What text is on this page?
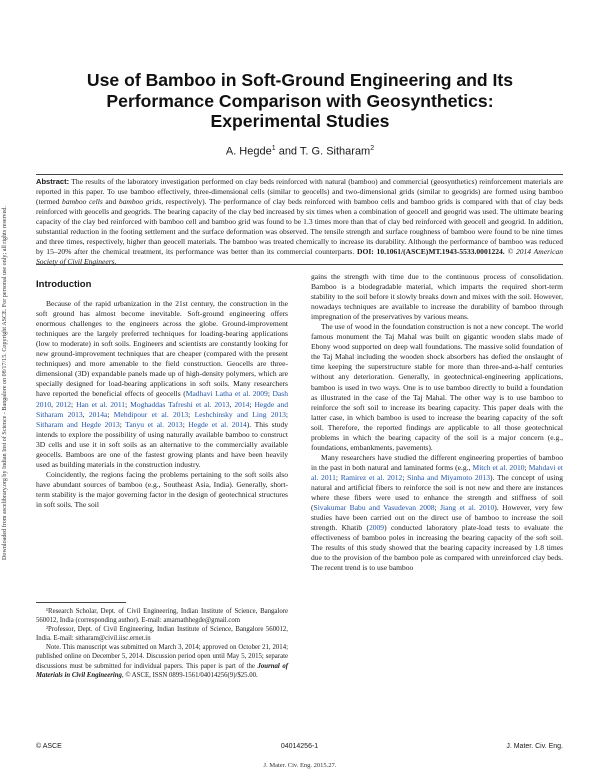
Downloaded from ascelibrary.org by Indian Inst of Science - Bangalore on 08/17/15. Copyright ASCE. For personal use only; all rights reserved.
Use of Bamboo in Soft-Ground Engineering and Its Performance Comparison with Geosynthetics: Experimental Studies
A. Hegde$^1$ and T. G. Sitharam$^2$
Abstract: The results of the laboratory investigation performed on clay beds reinforced with natural (bamboo) and commercial (geosynthetics) reinforcement materials are reported in this paper. To use bamboo effectively, three-dimensional cells (similar to geocells) and two-dimensional grids (similar to geogrids) are formed using bamboo (termed bamboo cells and bamboo grids, respectively). The performance of clay beds reinforced with bamboo cells and bamboo grids is compared with that of clay beds reinforced with geocells and geogrids. The bearing capacity of the clay bed increased by six times when a combination of geocell and geogrid was used. The ultimate bearing capacity of the clay bed reinforced with bamboo cell and bamboo grid was found to be 1.3 times more than that of clay bed reinforced with geocell and geogrid. In addition, substantial reduction in the footing settlement and the surface deformation was observed. The tensile strength and surface roughness of bamboo were found to be nine times and three times, respectively, higher than geocell materials. The bamboo was treated chemically to increase its durability. Although the performance of bamboo was reduced by 15–20% after the chemical treatment, its performance was better than its commercial counterparts. DOI: 10.1061/(ASCE)MT.1943-5533.0001224. © 2014 American Society of Civil Engineers.
Introduction

Because of the rapid urbanization in the 21st century, the construction in the soft ground has almost become inevitable. Soft-ground engineering offers enormous challenges to the engineers across the globe. Ground-improvement techniques are the largely preferred techniques for loading-bearing applications (low to moderate) in soft soils. Engineers and scientists are constantly looking for new ground-improvement techniques that are cheaper (compared with the present techniques) and more amenable to the field construction. Geocells are three-dimensional (3D) expandable panels made up of high-density polymers, which are specially designed for load-bearing applications in soft soils. Many researchers have reported the beneficial effects of geocells (Madhavi Latha et al. 2009; Dash 2010, 2012; Han et al. 2011; Moghaddas Tafreshi et al. 2013, 2014; Hegde and Sitharam 2013, 2014a; Mehdipour et al. 2013; Leshchinsky and Ling 2013; Sitharam and Hegde 2013; Tanyu et al. 2013; Hegde et al. 2014). This study intends to explore the possibility of using naturally available bamboo to construct 3D cells and use it in soft soils as an alternative to the commercially available geocells. Bamboos are one of the fastest growing plants and have been heavily used as building materials in the construction industry.

Coincidently, the regions facing the problems pertaining to the soft soils also have abundant sources of bamboo (e.g., Southeast Asia, India). Generally, short-term stability is the major governing factor in the design of geotechnical structures in soft soils. The soil

gains the strength with time due to the continuous process of consolidation. Bamboo is a biodegradable material, which imparts the required short-term stability to the soil before it slowly breaks down and mixes with the soil. However, nowadays techniques are available to increase the durability of bamboo through impregnation of the preservatives by various means.

The use of wood in the foundation construction is not a new concept. The world famous monument the Taj Mahal was built on gigantic wooden slabs made of Ebony wood supported on deep wall foundations. The massive solid foundation of the Taj Mahal including the wooden shock absorbers has defied the onslaught of time keeping the superstructure stable for more than three-and-a-half centuries without any deterioration. Generally, in geotechnical-engineering applications, bamboo is used in two ways. One is to use bamboo directly to build a foundation as illustrated in the case of the Taj Mahal. The other way is to use bamboo to reinforce the soft soil to increase its bearing capacity. This paper deals with the latter case, in which bamboo is used to increase the bearing capacity of the soft soil. Therefore, the reported findings are applicable to all those geotechnical problems in which the bearing capacity of the soil is a major concern (e.g., foundations, embankments, pavements).

Many researchers have studied the different engineering properties of bamboo in the past in both natural and laminated forms (e.g., Mitch et al. 2010; Mahdavi et al. 2011; Ramirez et al. 2012; Sinha and Miyamoto 2013). The concept of using natural and artificial fibers to reinforce the soil is not new and there are instances where these fibers were used to enhance the strength and stiffness of soil (Sivakumar Babu and Vasudevan 2008; Jiang et al. 2010). However, very few studies have been carried out on the direct use of bamboo to increase the soil strength. Khatib (2009) conducted laboratory plate-load tests to evaluate the effectiveness of bamboo poles in increasing the bearing capacity of the soft soil. The results of this study showed that the bearing capacity increased by 1.8 times due to the provision of the bamboo pole as compared with unreinforced clay beds. The recent trend is to use bamboo

¹Research Scholar, Dept. of Civil Engineering, Indian Institute of Science, Bangalore 560012, India (corresponding author). E-mail: amarnathhegde@gmail.com

²Professor, Dept. of Civil Engineering, Indian Institute of Science, Bangalore 560012, India. E-mail: sitharam@civil.iisc.ernet.in

Note. This manuscript was submitted on March 3, 2014; approved on October 21, 2014; published online on December 5, 2014. Discussion period open until May 5, 2015; separate discussions must be submitted for individual papers. This paper is part of the Journal of Materials in Civil Engineering, © ASCE, ISSN 0899-1561/04014256(9)/$25.00.

© ASCE	04014256-1	J. Mater. Civ. Eng.
J. Mater. Civ. Eng. 2015.27.
